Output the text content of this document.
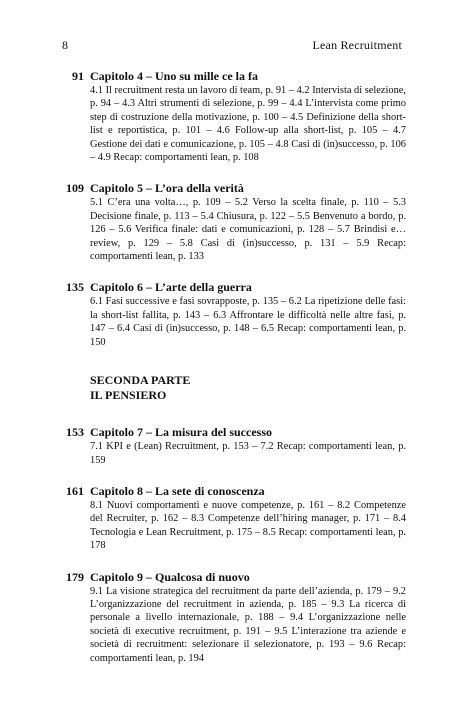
8	Lean Recruitment
91 Capitolo 4 – Uno su mille ce la fa
4.1 Il recruitment resta un lavoro di team, p. 91 – 4.2 Intervista di selezione, p. 94 – 4.3 Altri strumenti di selezione, p. 99 – 4.4 L’intervista come primo step di costruzione della motivazione, p. 100 – 4.5 Definizione della short-list e reportistica, p. 101 – 4.6 Follow-up alla short-list, p. 105 – 4.7 Gestione dei dati e comunicazione, p. 105 – 4.8 Casi di (in)successo, p. 106 – 4.9 Recap: comportamenti lean, p. 108
109 Capitolo 5 – L’ora della verità
5.1 C’era una volta…, p. 109 – 5.2 Verso la scelta finale, p. 110 – 5.3 Decisione finale, p. 113 – 5.4 Chiusura, p. 122 – 5.5 Benvenuto a bordo, p. 126 – 5.6 Verifica finale: dati e comunicazioni, p. 128 – 5.7 Brindisi e… review, p. 129 – 5.8 Casi di (in)successo, p. 131 – 5.9 Recap: comportamenti lean, p. 133
135 Capitolo 6 – L’arte della guerra
6.1 Fasi successive e fasi sovrapposte, p. 135 – 6.2 La ripetizione delle fasi: la short-list fallita, p. 143 – 6.3 Affrontare le difficoltà nelle altre fasi, p. 147 – 6.4 Casi di (in)successo, p. 148 – 6.5 Recap: comportamenti lean, p. 150
SECONDA PARTE
IL PENSIERO
153 Capitolo 7 – La misura del successo
7.1 KPI e (Lean) Recruitment, p. 153 – 7.2 Recap: comportamenti lean, p. 159
161 Capitolo 8 – La sete di conoscenza
8.1 Nuovi comportamenti e nuove competenze, p. 161 – 8.2 Competenze del Recruiter, p. 162 – 8.3 Competenze dell’hiring manager, p. 171 – 8.4 Tecnologia e Lean Recruitment, p. 175 – 8.5 Recap: comportamenti lean, p. 178
179 Capitolo 9 – Qualcosa di nuovo
9.1 La visione strategica del recruitment da parte dell’azienda, p. 179 – 9.2 L’organizzazione del recruitment in azienda, p. 185 – 9.3 La ricerca di personale a livello internazionale, p. 188 – 9.4 L’organizzazione nelle società di executive recruitment, p. 191 – 9.5 L’interazione tra aziende e società di recruitment: selezionare il selezionatore, p. 193 – 9.6 Recap: comportamenti lean, p. 194
